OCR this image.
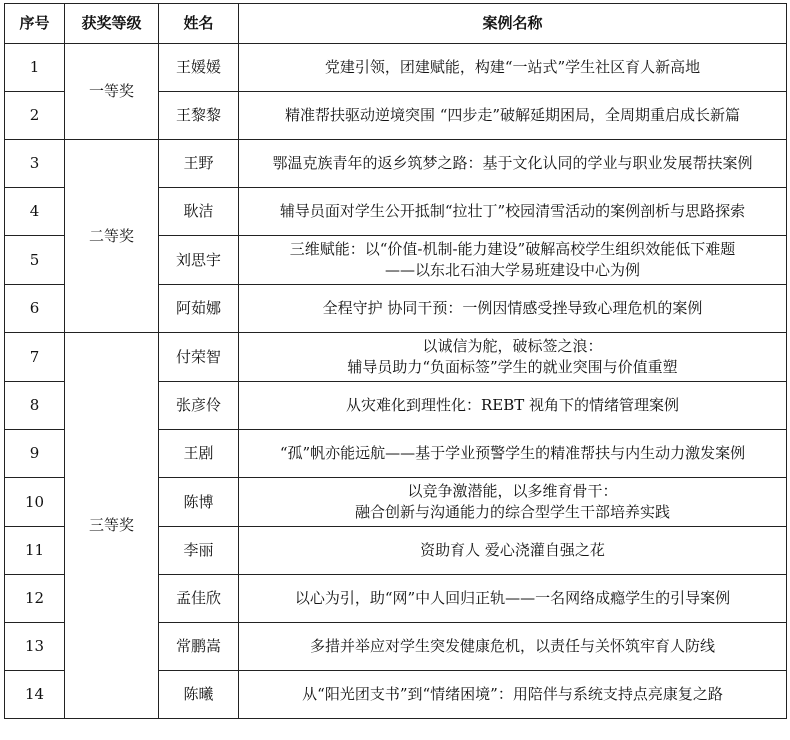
序号	获奖等级	姓名	案例名称
1	一等奖	王媛媛	党建引领，团建赋能，构建“一站式”学生社区育人新高地
2		王黎黎	精准帮扶驱动逆境突围 “四步走”破解延期困局，全周期重启成长新篇
3	二等奖	王野	鄂温克族青年的返乡筑梦之路：基于文化认同的学业与职业发展帮扶案例
4		耿洁	辅导员面对学生公开抵制“拉壮丁”校园清雪活动的案例剖析与思路探索
5		刘思宇	三维赋能：以“价值-机制-能力建设”破解高校学生组织效能低下难题
——以东北石油大学易班建设中心为例
6		阿茹娜	全程守护 协同干预：一例因情感受挫导致心理危机的案例
7	三等奖	付荣智	以诚信为舵，破标签之浪：
辅导员助力“负面标签”学生的就业突围与价值重塑
8		张彦伶	从灾难化到理性化：REBT 视角下的情绪管理案例
9		王剧	“孤”帆亦能远航——基于学业预警学生的精准帮扶与内生动力激发案例
10		陈博	以竞争激潜能，以多维育骨干：
融合创新与沟通能力的综合型学生干部培养实践
11		李丽	资助育人 爱心浇灌自强之花
12		孟佳欣	以心为引，助“网”中人回归正轨——一名网络成瘾学生的引导案例
13		常鹏嵩	多措并举应对学生突发健康危机，以责任与关怀筑牢育人防线
14		陈曦	从“阳光团支书”到“情绪困境”：用陪伴与系统支持点亮康复之路
